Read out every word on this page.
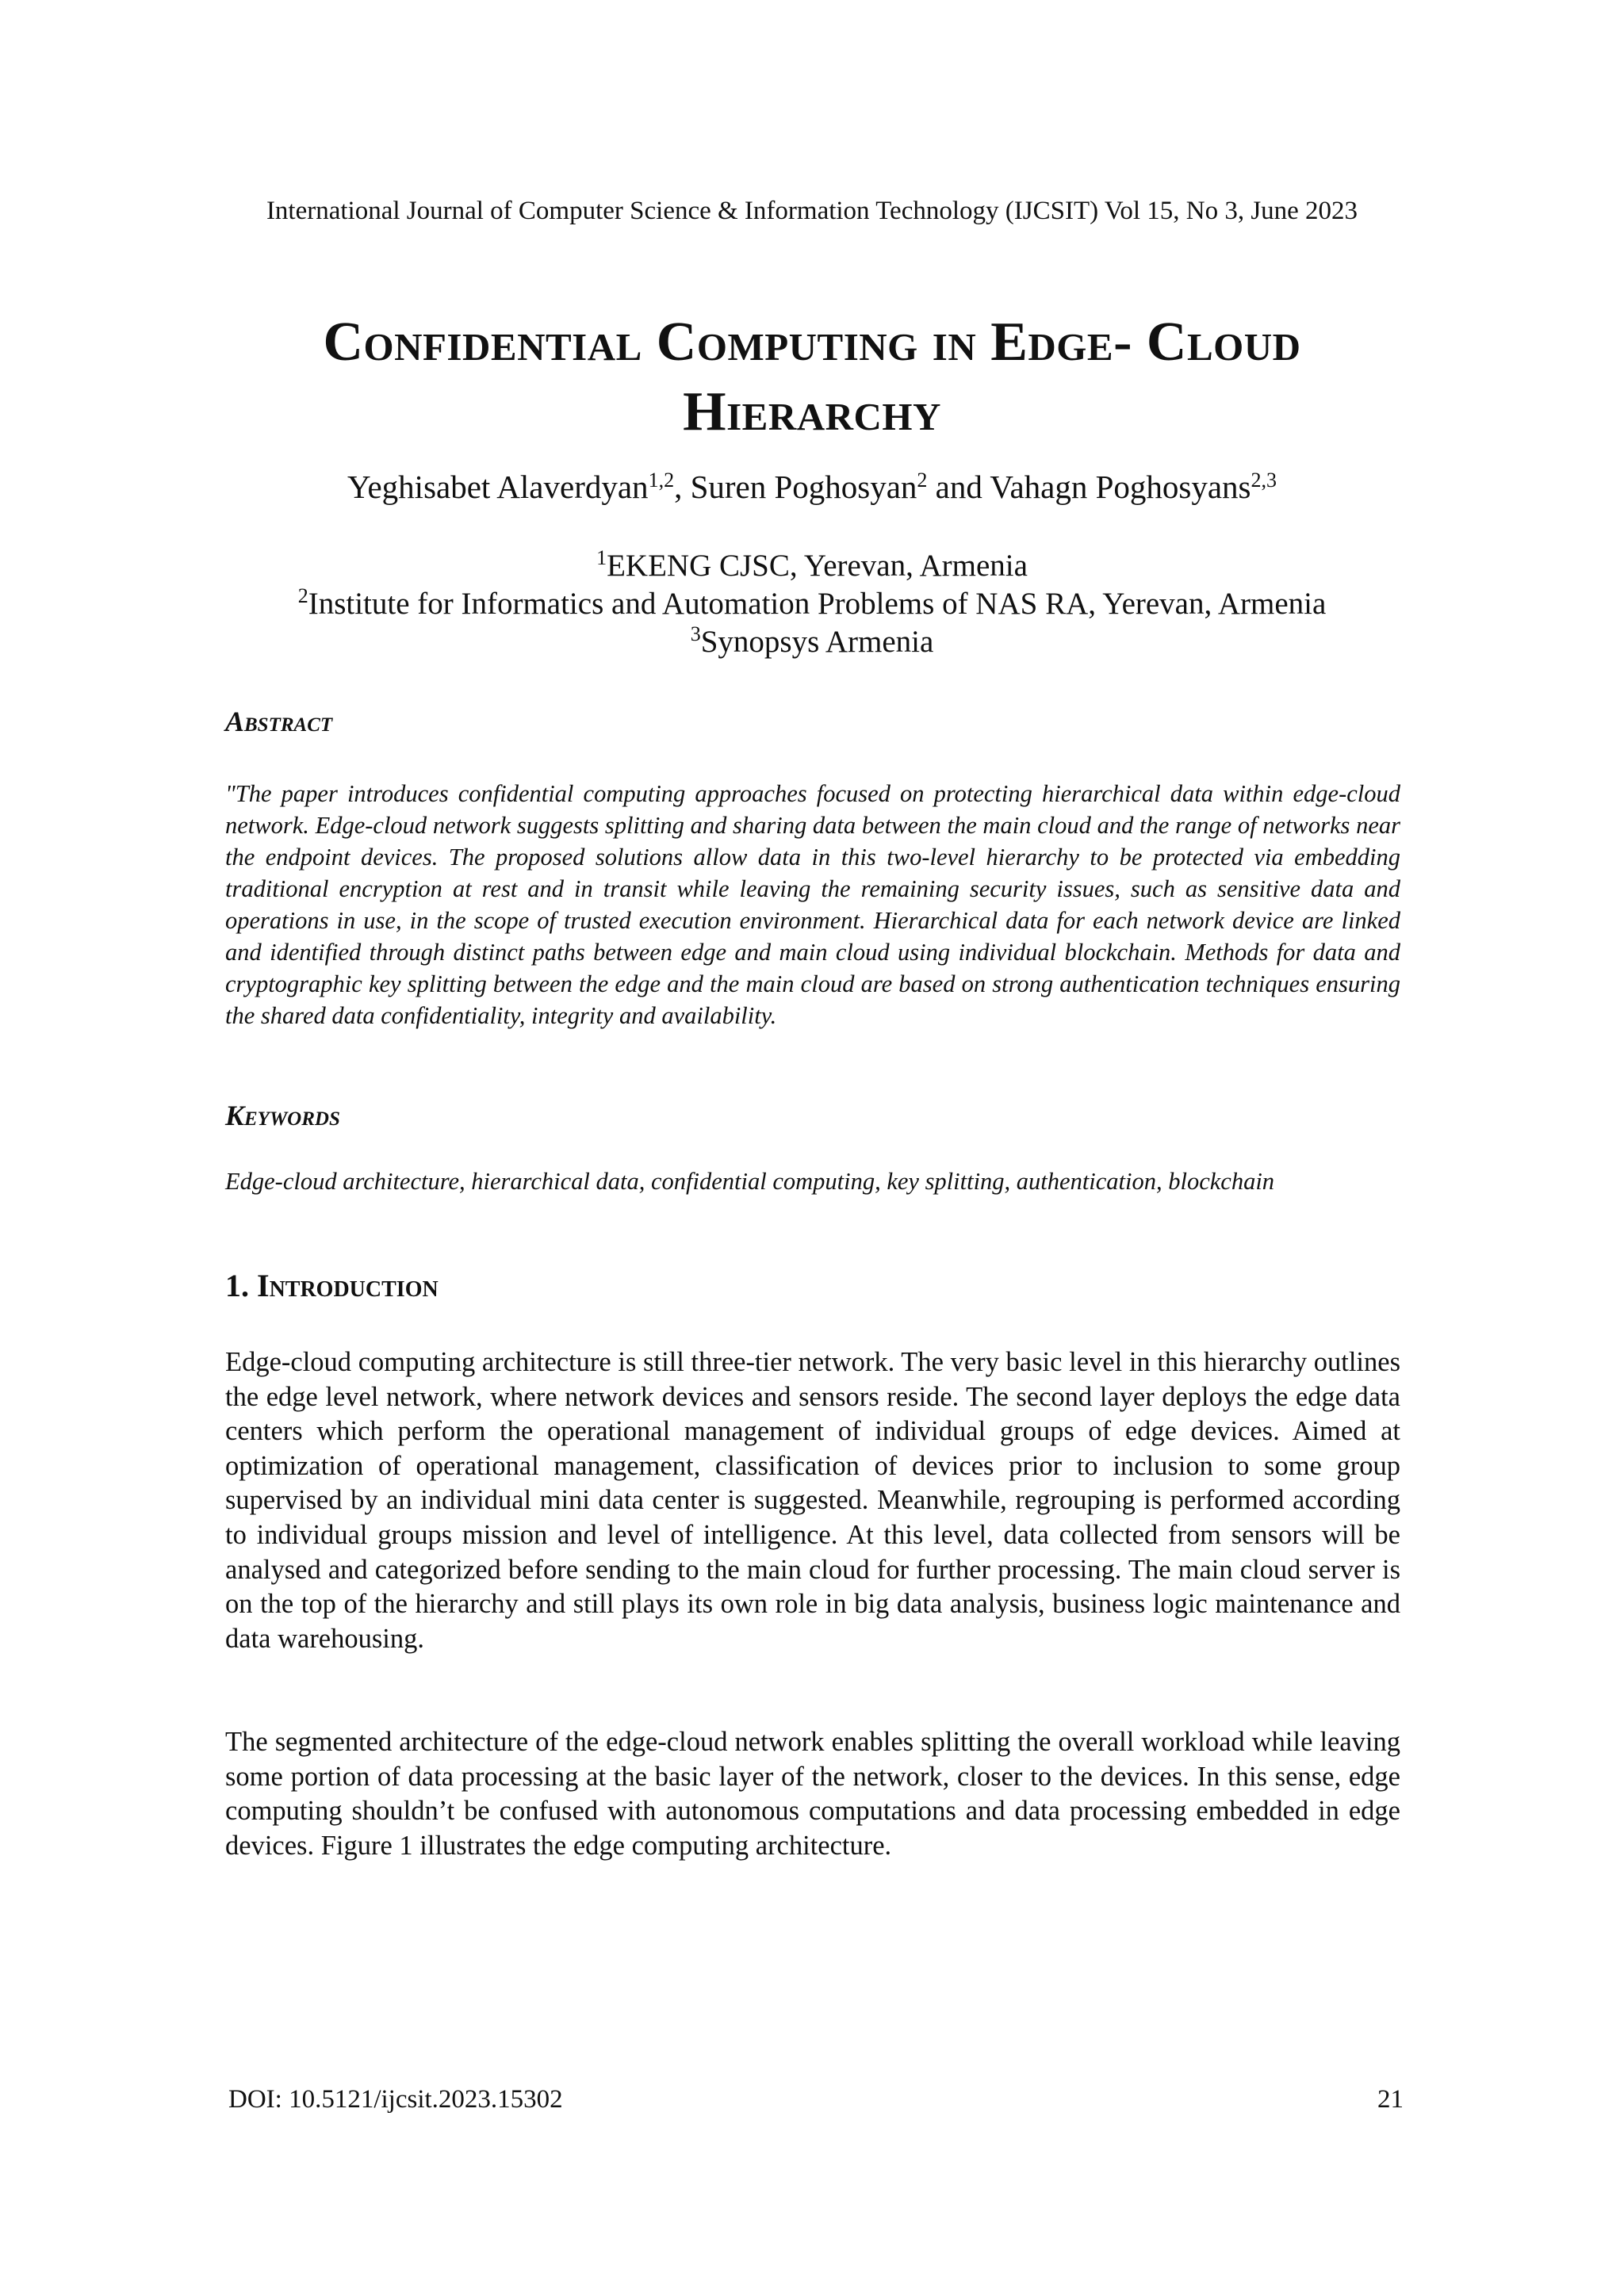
International Journal of Computer Science & Information Technology (IJCSIT) Vol 15, No 3, June 2023
Confidential Computing in Edge- Cloud
Hierarchy
Yeghisabet Alaverdyan$^{1,2}$, Suren Poghosyan$^2$ and Vahagn Poghosyans$^{2,3}$
$^1$EKENG CJSC, Yerevan, Armenia
$^2$Institute for Informatics and Automation Problems of NAS RA, Yerevan, Armenia
$^3$Synopsys Armenia
Abstract
"The paper introduces confidential computing approaches focused on protecting hierarchical data within edge-cloud network. Edge-cloud network suggests splitting and sharing data between the main cloud and the range of networks near the endpoint devices. The proposed solutions allow data in this two-level hierarchy to be protected via embedding traditional encryption at rest and in transit while leaving the remaining security issues, such as sensitive data and operations in use, in the scope of trusted execution environment. Hierarchical data for each network device are linked and identified through distinct paths between edge and main cloud using individual blockchain. Methods for data and cryptographic key splitting between the edge and the main cloud are based on strong authentication techniques ensuring the shared data confidentiality, integrity and availability.
Keywords
Edge-cloud architecture, hierarchical data, confidential computing, key splitting, authentication, blockchain
1. Introduction
Edge-cloud computing architecture is still three-tier network. The very basic level in this hierarchy outlines the edge level network, where network devices and sensors reside. The second layer deploys the edge data centers which perform the operational management of individual groups of edge devices. Aimed at optimization of operational management, classification of devices prior to inclusion to some group supervised by an individual mini data center is suggested. Meanwhile, regrouping is performed according to individual groups mission and level of intelligence. At this level, data collected from sensors will be analysed and categorized before sending to the main cloud for further processing. The main cloud server is on the top of the hierarchy and still plays its own role in big data analysis, business logic maintenance and data warehousing.
The segmented architecture of the edge-cloud network enables splitting the overall workload while leaving some portion of data processing at the basic layer of the network, closer to the devices. In this sense, edge computing shouldn’t be confused with autonomous computations and data processing embedded in edge devices. Figure 1 illustrates the edge computing architecture.
DOI: 10.5121/ijcsit.2023.15302	21
